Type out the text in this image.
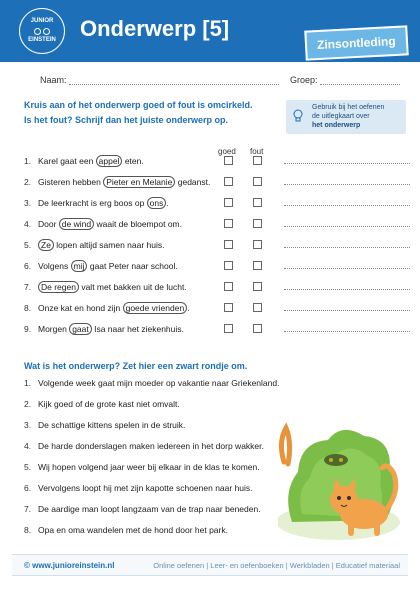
JUNIOR
EINSTEIN Onderwerp [5]
Zinsontleding
Naam:	Groep:
Kruis aan of het onderwerp goed of fout is omcirkeld.
Is het fout? Schrijf dan het juiste onderwerp op.
Gebruik bij het oefenen
de uitlegkaart over
het onderwerp
goed fout
1. Karel gaat een appel eten.
2. Gisteren hebben Pieter en Melanie gedanst.
3. De leerkracht is erg boos op ons .
4. Door de wind waait de bloempot om.
5.	Ze lopen altijd samen naar huis.
6. Volgens mij gaat Peter naar school.
7.	De regen valt met bakken uit de lucht.
8. Onze kat en hond zijn goede vrienden .
9. Morgen gaat Isa naar het ziekenhuis.
Wat is het onderwerp? Zet hier een zwart rondje om.
1. Volgende week gaat mijn moeder op vakantie naar Griekenland.
2. Kijk goed of de grote kast niet omvalt.
3. De schattige kittens spelen in de struik.
4. De harde donderslagen maken iedereen in het dorp wakker.
5. Wij hopen volgend jaar weer bij elkaar in de klas te komen.
6. Vervolgens loopt hij met zijn kapotte schoenen naar huis.
7. De aardige man loopt langzaam van de trap naar beneden.
8. Opa en oma wandelen met de hond door het park.
© www.junioreinstein.nl	Online oefenen | Leer- en oefenboeken | Werkbladen | Educatief materiaal
